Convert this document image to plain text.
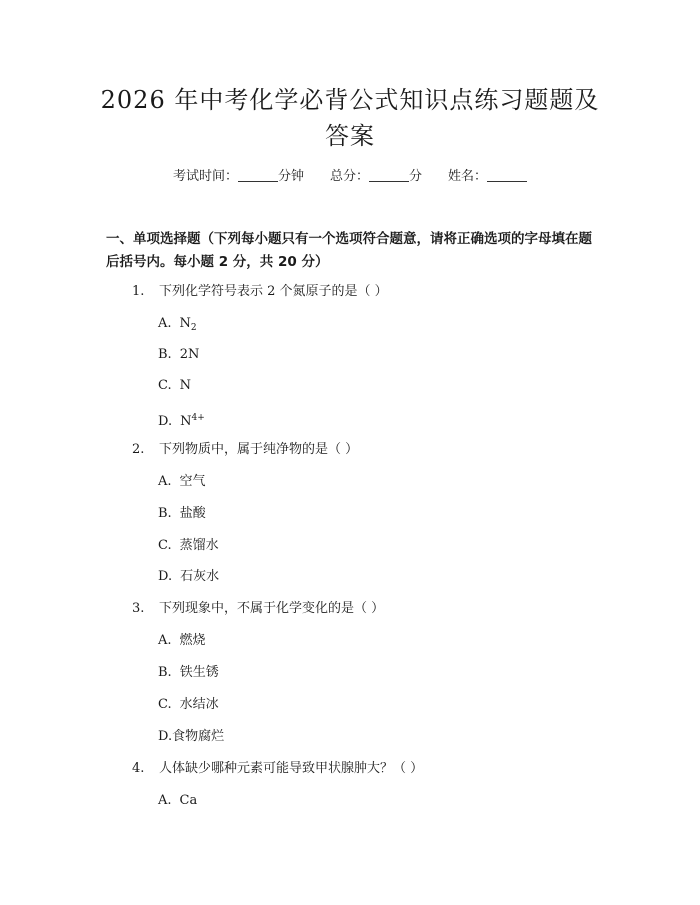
2026 年中考化学必背公式知识点练习题题及
答案
考试时间：	分钟 总分：	分 姓名：
一、单项选择题（下列每小题只有一个选项符合题意，请将正确选项的字母填在题后括号内。每小题 2 分，共 20 分）
1. 下列化学符号表示 2 个氮原子的是（ ）
A. $N_2$
B. 2N
C. N
D. $N^{4+}$
2. 下列物质中，属于纯净物的是（ ）
A. 空气
B. 盐酸
C. 蒸馏水
D. 石灰水
3. 下列现象中，不属于化学变化的是（ ）
A. 燃烧
B. 铁生锈
C. 水结冰
D.食物腐烂
4. 人体缺少哪种元素可能导致甲状腺肿大？（ ）
A. Ca
